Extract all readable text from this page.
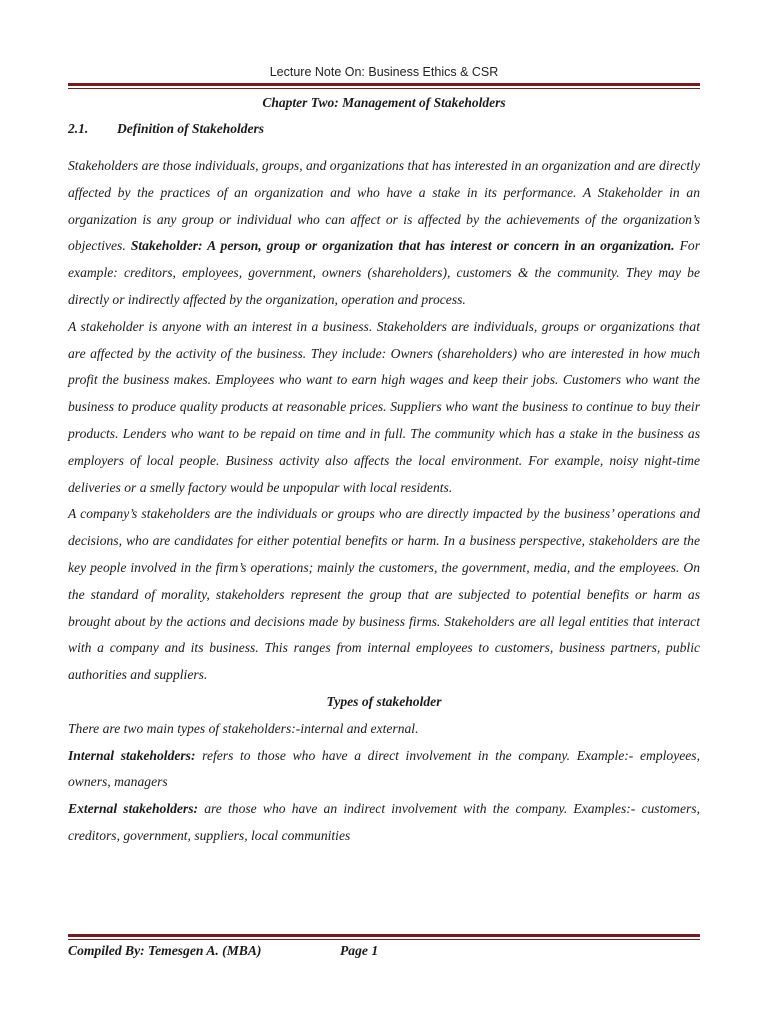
Lecture Note On: Business Ethics & CSR
Chapter Two: Management of Stakeholders
2.1. Definition of Stakeholders

Stakeholders are those individuals, groups, and organizations that has interested in an organization and are directly affected by the practices of an organization and who have a stake in its performance. A Stakeholder in an organization is any group or individual who can affect or is affected by the achievements of the organization’s objectives. Stakeholder: A person, group or organization that has interest or concern in an organization. For example: creditors, employees, government, owners (shareholders), customers & the community. They may be directly or indirectly affected by the organization, operation and process.

A stakeholder is anyone with an interest in a business. Stakeholders are individuals, groups or organizations that are affected by the activity of the business. They include: Owners (shareholders) who are interested in how much profit the business makes. Employees who want to earn high wages and keep their jobs. Customers who want the business to produce quality products at reasonable prices. Suppliers who want the business to continue to buy their products. Lenders who want to be repaid on time and in full. The community which has a stake in the business as employers of local people. Business activity also affects the local environment. For example, noisy night-time deliveries or a smelly factory would be unpopular with local residents.

A company’s stakeholders are the individuals or groups who are directly impacted by the business’ operations and decisions, who are candidates for either potential benefits or harm. In a business perspective, stakeholders are the key people involved in the firm’s operations; mainly the customers, the government, media, and the employees. On the standard of morality, stakeholders represent the group that are subjected to potential benefits or harm as brought about by the actions and decisions made by business firms. Stakeholders are all legal entities that interact with a company and its business. This ranges from internal employees to customers, business partners, public authorities and suppliers.

Types of stakeholder

There are two main types of stakeholders:-internal and external.

Internal stakeholders: refers to those who have a direct involvement in the company. Example:- employees, owners, managers

External stakeholders: are those who have an indirect involvement with the company. Examples:- customers, creditors, government, suppliers, local communities

Compiled By: Temesgen A. (MBA)	Page 1
